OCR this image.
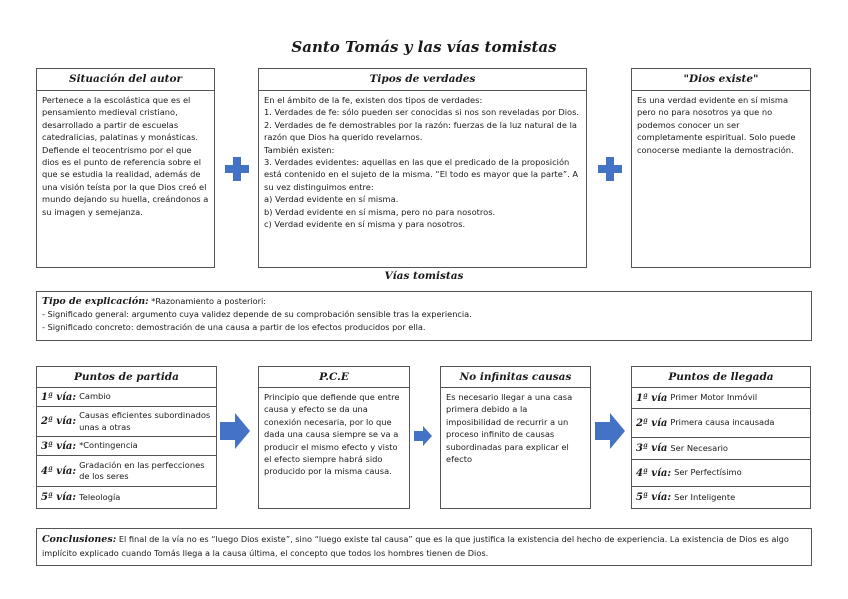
Santo Tomás y las vías tomistas
Situación del autor
Pertenece a la escolástica que es el pensamiento medieval cristiano, desarrollado a partir de escuelas catedralicias, palatinas y monásticas. Defiende el teocentrismo por el que dios es el punto de referencia sobre el que se estudia la realidad, además de una visión teísta por la que Dios creó el mundo dejando su huella, creándonos a su imagen y semejanza.
Tipos de verdades

En el ámbito de la fe, existen dos tipos de verdades:

1. Verdades de fe: sólo pueden ser conocidas si nos son reveladas por Dios.

2. Verdades de fe demostrables por la razón: fuerzas de la luz natural de la razón que Dios ha querido revelarnos.

También existen:

3. Verdades evidentes: aquellas en las que el predicado de la proposición está contenido en el sujeto de la misma. “El todo es mayor que la parte”. A su vez distinguimos entre:

a) Verdad evidente en sí misma.

b) Verdad evidente en sí misma, pero no para nosotros.

c) Verdad evidente en sí misma y para nosotros.

"Dios existe"
Es una verdad evidente en sí misma pero no para nosotros ya que no podemos conocer un ser completamente espiritual. Solo puede conocerse mediante la demostración.
Vías tomistas
Tipo de explicación: *Razonamiento a posteriori:
- Significado general: argumento cuya validez depende de su comprobación sensible tras la experiencia.
- Significado concreto: demostración de una causa a partir de los efectos producidos por ella.
Puntos de partida
1ª vía: Cambio
2ª vía:
Causas eficientes subordinados unas a otras
3ª vía: *Contingencia
4ª vía:
Gradación en las perfecciones de los seres
5ª vía: Teleología
P.C.E
Principio que defiende que entre causa y efecto se da una conexión necesaria, por lo que dada una causa siempre se va a producir el mismo efecto y visto el efecto siempre habrá sido producido por la misma causa.
No infinitas causas
Es necesario llegar a una casa primera debido a la imposibilidad de recurrir a un proceso infinito de causas subordinadas para explicar el efecto
Puntos de llegada
1ª vía Primer Motor Inmóvil
2ª vía Primera causa incausada
3ª vía Ser Necesario
4ª vía: Ser Perfectísimo
5ª vía: Ser Inteligente
Conclusiones: El final de la vía no es “luego Dios existe”, sino “luego existe tal causa” que es la que justifica la existencia del hecho de experiencia. La existencia de Dios es algo implícito explicado cuando Tomás llega a la causa última, el concepto que todos los hombres tienen de Dios.
